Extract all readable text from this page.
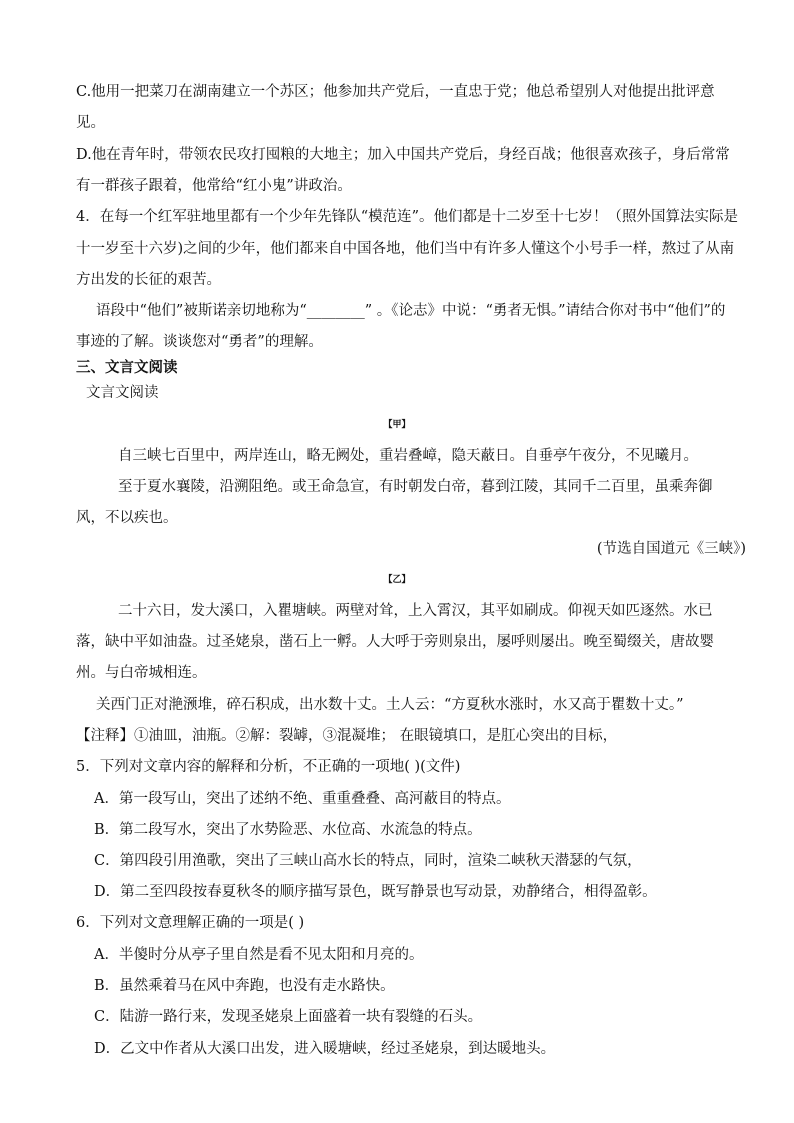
C.他用一把菜刀在湖南建立一个苏区；他参加共产党后，一直忠于党；他总希望别人对他提出批评意
见。
D.他在青年时，带领农民攻打囤粮的大地主；加入中国共产党后，身经百战；他很喜欢孩子，身后常常
有一群孩子跟着，他常给“红小鬼”讲政治。
4．在每一个红军驻地里都有一个少年先锋队“模范连”。他们都是十二岁至十七岁！（照外国算法实际是
十一岁至十六岁)之间的少年，他们都来自中国各地，他们当中有许多人懂这个小号手一样，熬过了从南
方出发的长征的艰苦。
语段中“他们”被斯诺亲切地称为“________” 。《论志》中说：“勇者无惧。”请结合你对书中“他们”的
事迹的了解。谈谈您对“勇者”的理解。
三、文言文阅读
文言文阅读
【甲】
自三峡七百里中，两岸连山，略无阙处，重岩叠嶂，隐天蔽日。自垂亭午夜分，不见曦月。
至于夏水襄陵，沿溯阻绝。或王命急宣，有时朝发白帝，暮到江陵，其同千二百里，虽乘奔御
风，不以疾也。
(节选自国道元《三峡》)
【乙】
二十六日，发大溪口，入瞿塘峡。两壁对耸，上入霄汉，其平如刷成。仰视天如匹逐然。水已
落，缺中平如油盎。过圣姥泉，凿石上一孵。人大呼于旁则泉出，屡呼则屡出。晚至蜀缀关，唐故婴
州。与白帝城相连。
关西门正对滟滪堆，碎石积成，出水数十丈。土人云：“方夏秋水涨时，水又高于瞿数十丈。”
【注释】①油皿，油瓶。②解：裂罅，③混凝堆； 在眼镜填口，是肛心突出的目标，
5．下列对文章内容的解释和分析，不正确的一项地( )(文件)
A．第一段写山，突出了述纳不绝、重重叠叠、高河蔽目的特点。
B．第二段写水，突出了水势险恶、水位高、水流急的特点。
C．第四段引用渔歌，突出了三峡山高水长的特点，同时，渲染二峡秋天潜瑟的气氛，
D．第二至四段按春夏秋冬的顺序描写景色，既写静景也写动景，劝静绪合，相得盈彰。
6．下列对文意理解正确的一项是( )
A．半傻时分从亭子里自然是看不见太阳和月亮的。
B．虽然乘着马在风中奔跑，也没有走水路快。
C．陆游一路行来，发现圣姥泉上面盛着一块有裂缝的石头。
D．乙文中作者从大溪口出发，进入暖塘峡，经过圣姥泉，到达暖地头。
